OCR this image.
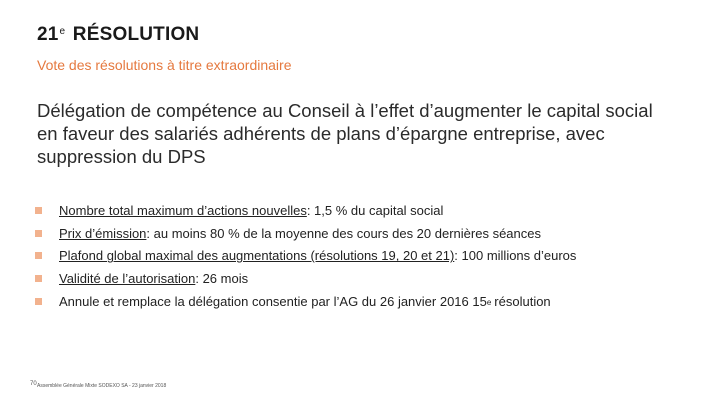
21e RÉSOLUTION
Vote des résolutions à titre extraordinaire
Délégation de compétence au Conseil à l’effet d’augmenter le capital social en faveur des salariés adhérents de plans d’épargne entreprise, avec suppression du DPS
Nombre total maximum d’actions nouvelles : 1,5 % du capital social
Prix d’émission : au moins 80 % de la moyenne des cours des 20 dernières séances
Plafond global maximal des augmentations (résolutions 19, 20 et 21) : 100 millions d’euros
Validité de l’autorisation : 26 mois
Annule et remplace la délégation consentie par l’AG du 26 janvier 2016 15e résolution
70 Assemblée Générale Mixte SODEXO SA - 23 janvier 2018
